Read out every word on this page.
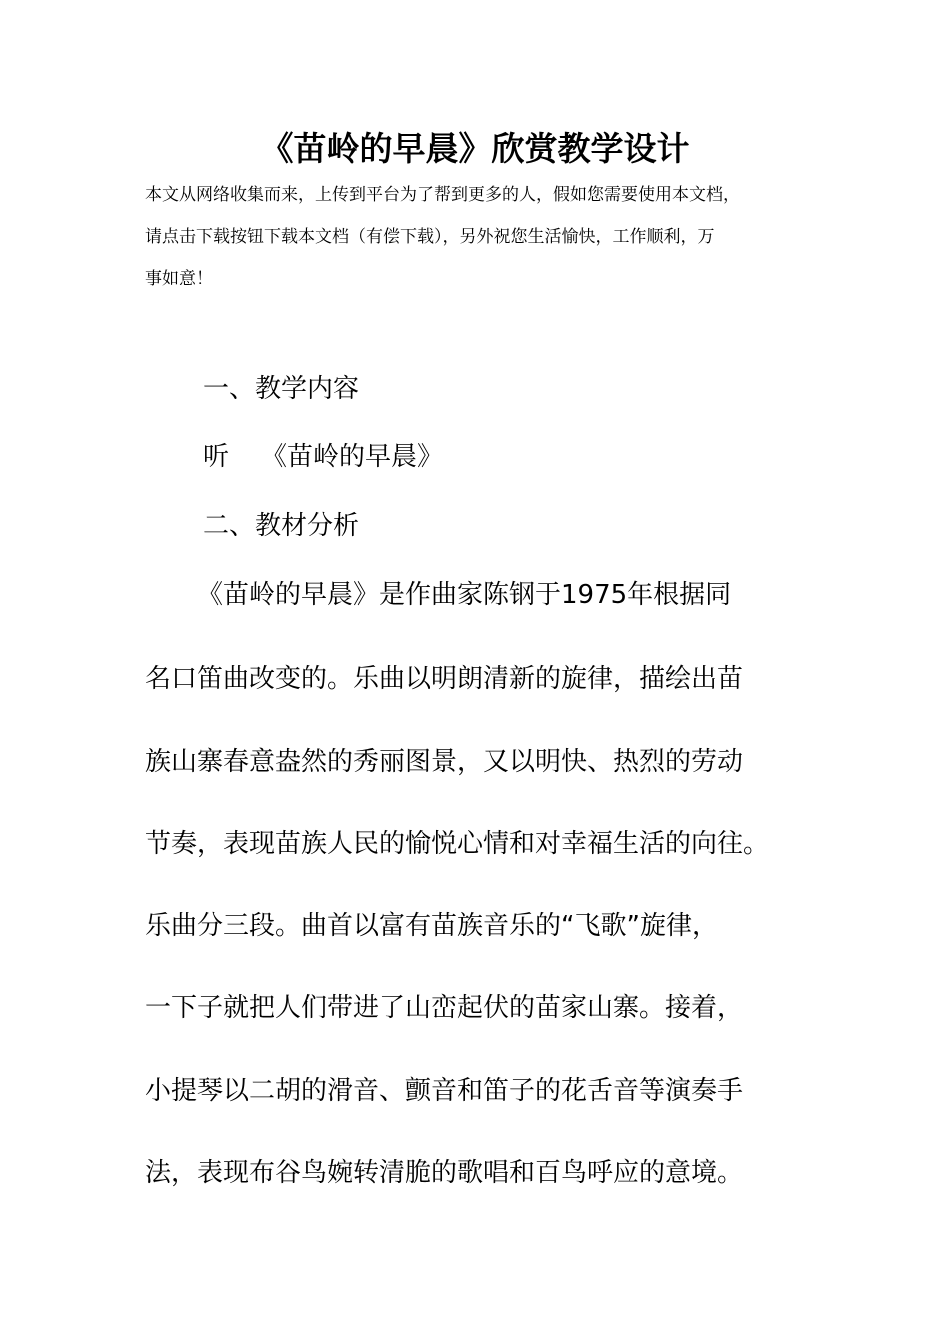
《苗岭的早晨》欣赏教学设计
本文从网络收集而来，上传到平台为了帮到更多的人，假如您需要使用本文档，
请点击下载按钮下载本文档（有偿下载），另外祝您生活愉快，工作顺利，万
事如意！
一、教学内容
听 《苗岭的早晨》
二、教材分析
《苗岭的早晨》是作曲家陈钢于1975年根据同
名口笛曲改变的。乐曲以明朗清新的旋律，描绘出苗
族山寨春意盎然的秀丽图景，又以明快、热烈的劳动
节奏，表现苗族人民的愉悦心情和对幸福生活的向往。
乐曲分三段。曲首以富有苗族音乐的“飞歌”旋律，
一下子就把人们带进了山峦起伏的苗家山寨。接着，
小提琴以二胡的滑音、颤音和笛子的花舌音等演奏手
法，表现布谷鸟婉转清脆的歌唱和百鸟呼应的意境。
